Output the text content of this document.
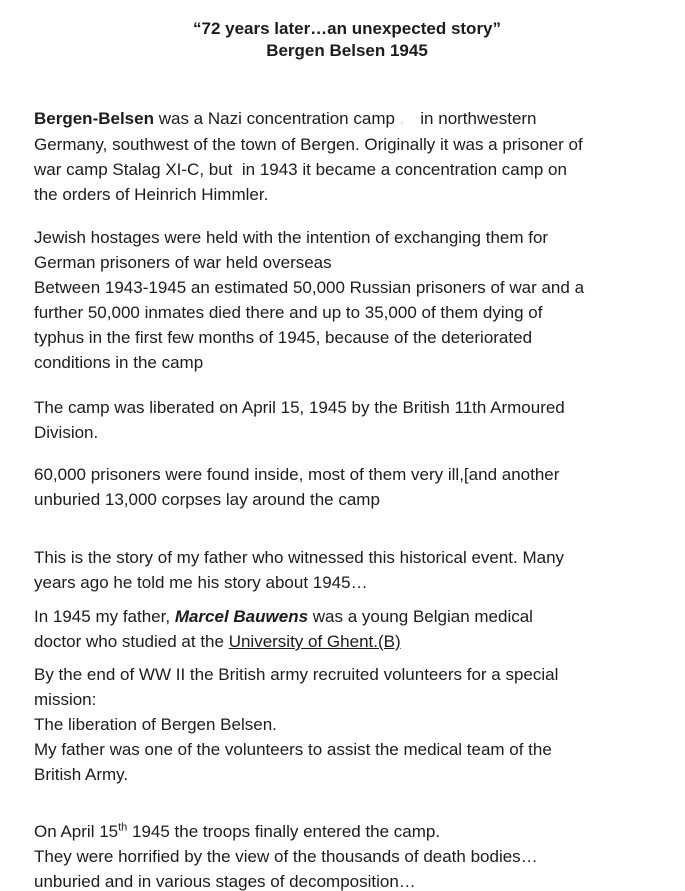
“72 years later…an unexpected story”
Bergen Belsen 1945

Bergen-Belsen was a Nazi concentration camp , in northwestern
Germany, southwest of the town of Bergen. Originally it was a prisoner of
war camp Stalag XI-C, but  in 1943 it became a concentration camp on
the orders of Heinrich Himmler.

Jewish hostages were held with the intention of exchanging them for
German prisoners of war held overseas
Between 1943-1945 an estimated 50,000 Russian prisoners of war and a
further 50,000 inmates died there and up to 35,000 of them dying of
typhus in the first few months of 1945, because of the deteriorated
conditions in the camp

The camp was liberated on April 15, 1945 by the British 11th Armoured
Division.

60,000 prisoners were found inside, most of them very ill,[and another
unburied 13,000 corpses lay around the camp

This is the story of my father who witnessed this historical event. Many
years ago he told me his story about 1945…

In 1945 my father, Marcel Bauwens was a young Belgian medical
doctor who studied at the University of Ghent.(B)

By the end of WW II the British army recruited volunteers for a special
mission:
The liberation of Bergen Belsen.
My father was one of the volunteers to assist the medical team of the
British Army.

On April 15th 1945 the troops finally entered the camp.
They were horrified by the view of the thousands of death bodies…
unburied and in various stages of decomposition…
